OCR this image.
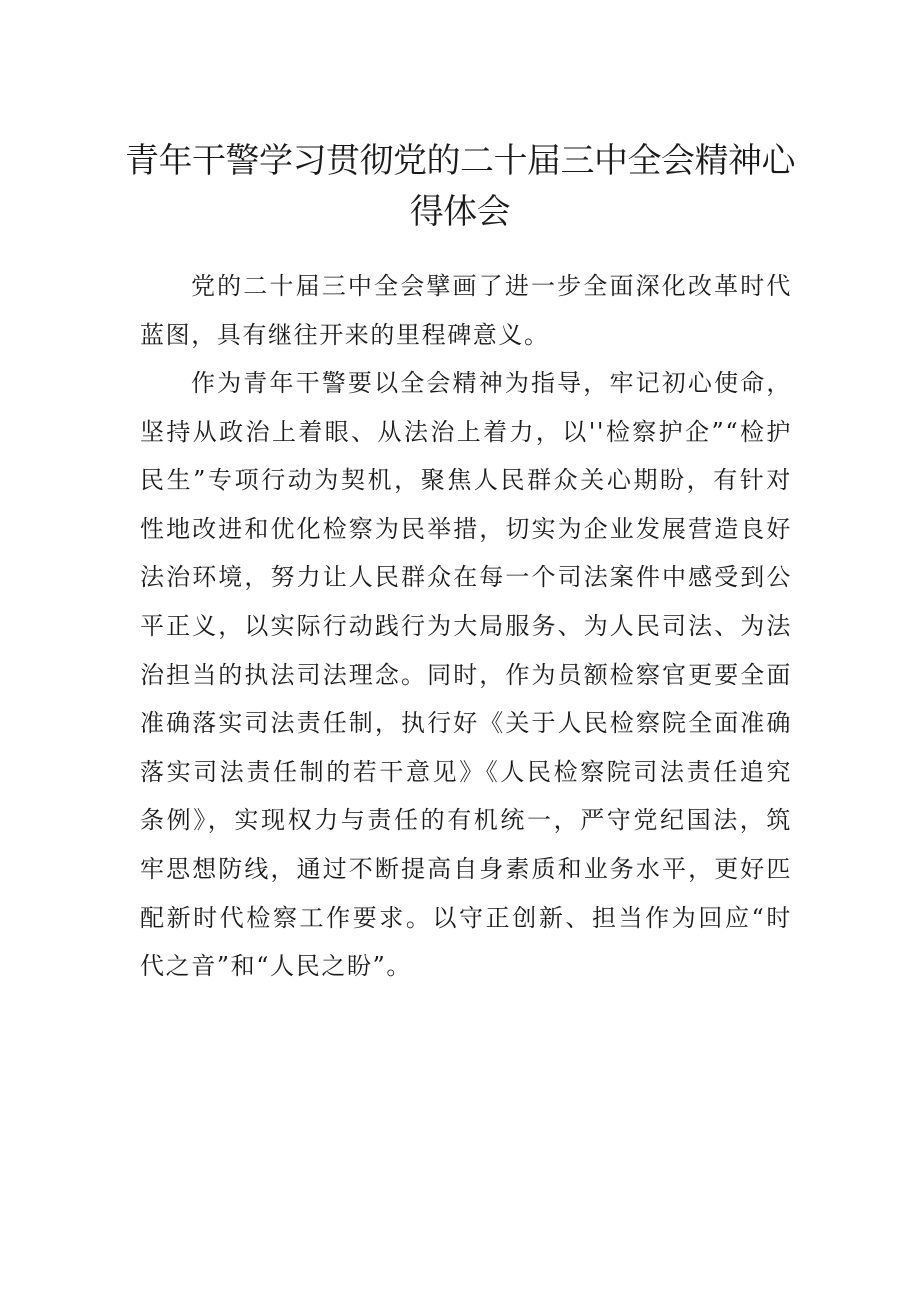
青年干警学习贯彻党的二十届三中全会精神心得体会

党的二十届三中全会擘画了进一步全面深化改革时代蓝图，具有继往开来的里程碑意义。

作为青年干警要以全会精神为指导，牢记初心使命，坚持从政治上着眼、从法治上着力，以''检察护企”“检护民生”专项行动为契机，聚焦人民群众关心期盼，有针对性地改进和优化检察为民举措，切实为企业发展营造良好法治环境，努力让人民群众在每一个司法案件中感受到公平正义，以实际行动践行为大局服务、为人民司法、为法治担当的执法司法理念。同时，作为员额检察官更要全面准确落实司法责任制，执行好《关于人民检察院全面准确落实司法责任制的若干意见》《人民检察院司法责任追究条例》，实现权力与责任的有机统一，严守党纪国法，筑牢思想防线，通过不断提高自身素质和业务水平，更好匹配新时代检察工作要求。以守正创新、担当作为回应“时代之音”和“人民之盼”。
